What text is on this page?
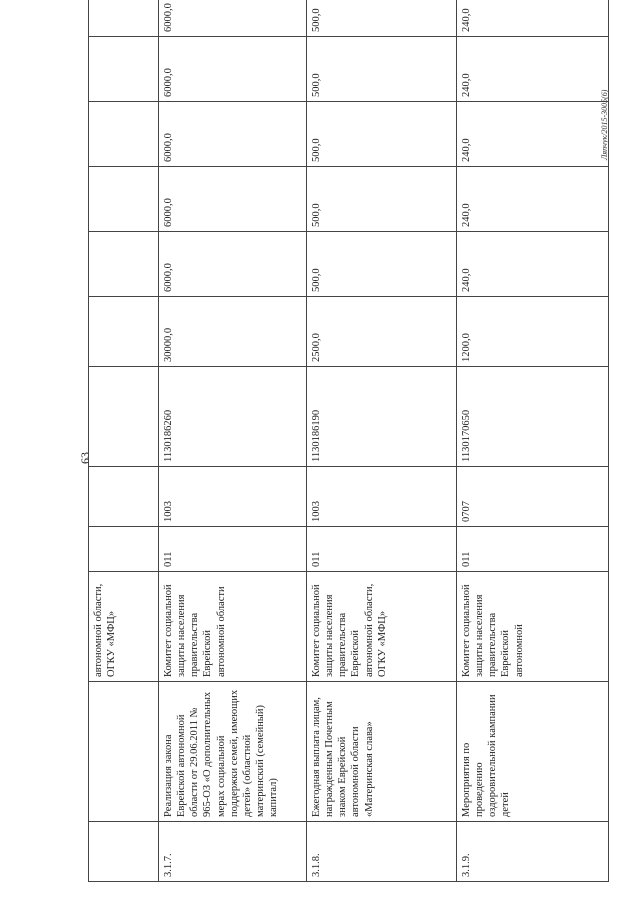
63
Ляпчук/2015-3005(6)
		автономной области, ОГКУ «МФЦ»									
3.1.7.	Реализация закона Еврейской автономной области от 29.06.2011 № 965-ОЗ «О дополнительных мерах социальной поддержки семей, имеющих детей» (областной материнский (семейный) капитал)	Комитет социальной защиты населения правительства Еврейской автономной области	011	1003	1130186260	30000,0	6000,0	6000,0	6000,0	6000,0	6000,0
3.1.8.	Ежегодная выплата лицам, награжденным Почетным знаком Еврейской автономной области «Материнская слава»	Комитет социальной защиты населения правительства Еврейской автономной области, ОГКУ «МФЦ»	011	1003	1130186190	2500,0	500,0	500,0	500,0	500,0	500,0
3.1.9.	Мероприятия по проведению оздоровительной кампании детей	Комитет социальной защиты населения правительства Еврейской автономной	011	0707	1130170650	1200,0	240,0	240,0	240,0	240,0	240,0
